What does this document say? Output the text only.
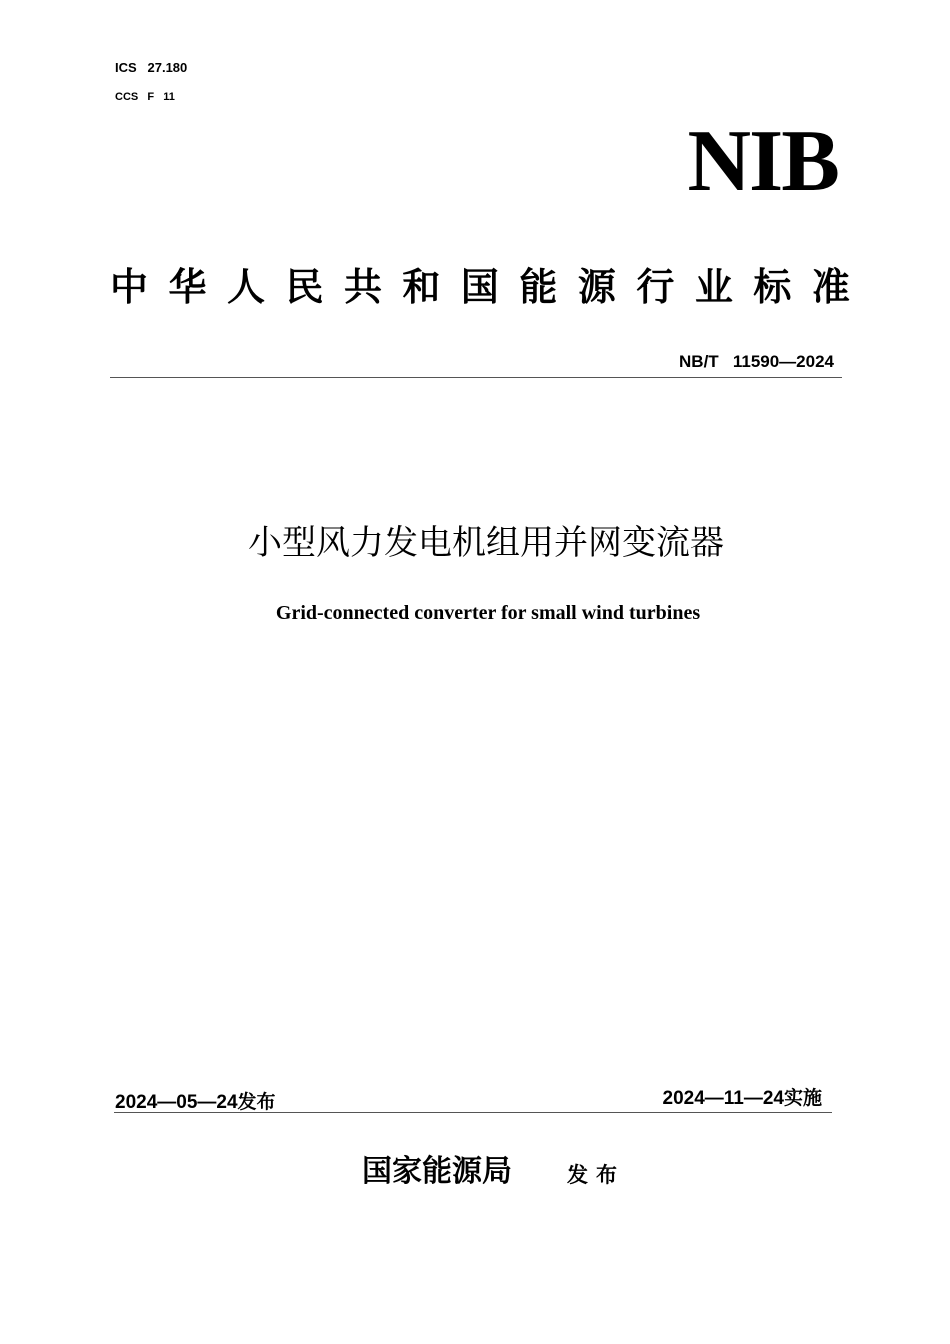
ICS   27.180
CCS   F   11
NIB
中 华 人 民 共 和 国 能 源 行 业 标 准
NB/T   11590—2024
小型风力发电机组用并网变流器
Grid-connected converter for small wind turbines
2024—05—24发布	2024—11—24实施
国家能源局	发布
